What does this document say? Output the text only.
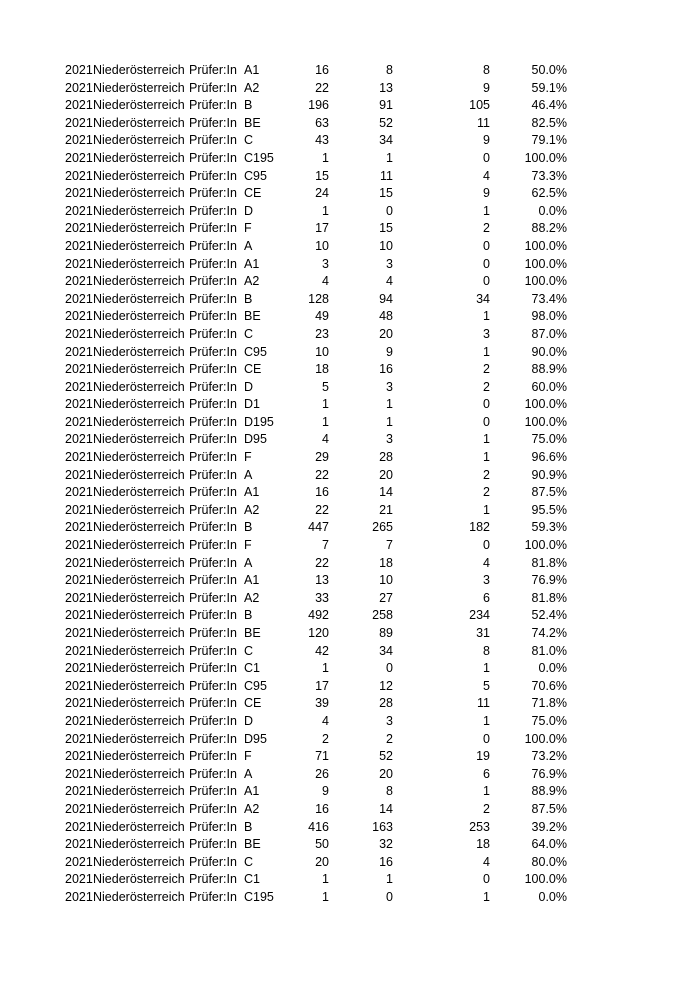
2021 Niederösterreich Prüfer:In A1	16	8	8	50.0%
2021 Niederösterreich Prüfer:In A2	22	13	9	59.1%
2021 Niederösterreich Prüfer:In B	196	91	105	46.4%
2021 Niederösterreich Prüfer:In BE	63	52	11	82.5%
2021 Niederösterreich Prüfer:In C	43	34	9	79.1%
2021 Niederösterreich Prüfer:In C195	1	1	0	100.0%
2021 Niederösterreich Prüfer:In C95	15	11	4	73.3%
2021 Niederösterreich Prüfer:In CE	24	15	9	62.5%
2021 Niederösterreich Prüfer:In D	1	0	1	0.0%
2021 Niederösterreich Prüfer:In F	17	15	2	88.2%
2021 Niederösterreich Prüfer:In A	10	10	0	100.0%
2021 Niederösterreich Prüfer:In A1	3	3	0	100.0%
2021 Niederösterreich Prüfer:In A2	4	4	0	100.0%
2021 Niederösterreich Prüfer:In B	128	94	34	73.4%
2021 Niederösterreich Prüfer:In BE	49	48	1	98.0%
2021 Niederösterreich Prüfer:In C	23	20	3	87.0%
2021 Niederösterreich Prüfer:In C95	10	9	1	90.0%
2021 Niederösterreich Prüfer:In CE	18	16	2	88.9%
2021 Niederösterreich Prüfer:In D	5	3	2	60.0%
2021 Niederösterreich Prüfer:In D1	1	1	0	100.0%
2021 Niederösterreich Prüfer:In D195	1	1	0	100.0%
2021 Niederösterreich Prüfer:In D95	4	3	1	75.0%
2021 Niederösterreich Prüfer:In F	29	28	1	96.6%
2021 Niederösterreich Prüfer:In A	22	20	2	90.9%
2021 Niederösterreich Prüfer:In A1	16	14	2	87.5%
2021 Niederösterreich Prüfer:In A2	22	21	1	95.5%
2021 Niederösterreich Prüfer:In B	447	265	182	59.3%
2021 Niederösterreich Prüfer:In F	7	7	0	100.0%
2021 Niederösterreich Prüfer:In A	22	18	4	81.8%
2021 Niederösterreich Prüfer:In A1	13	10	3	76.9%
2021 Niederösterreich Prüfer:In A2	33	27	6	81.8%
2021 Niederösterreich Prüfer:In B	492	258	234	52.4%
2021 Niederösterreich Prüfer:In BE	120	89	31	74.2%
2021 Niederösterreich Prüfer:In C	42	34	8	81.0%
2021 Niederösterreich Prüfer:In C1	1	0	1	0.0%
2021 Niederösterreich Prüfer:In C95	17	12	5	70.6%
2021 Niederösterreich Prüfer:In CE	39	28	11	71.8%
2021 Niederösterreich Prüfer:In D	4	3	1	75.0%
2021 Niederösterreich Prüfer:In D95	2	2	0	100.0%
2021 Niederösterreich Prüfer:In F	71	52	19	73.2%
2021 Niederösterreich Prüfer:In A	26	20	6	76.9%
2021 Niederösterreich Prüfer:In A1	9	8	1	88.9%
2021 Niederösterreich Prüfer:In A2	16	14	2	87.5%
2021 Niederösterreich Prüfer:In B	416	163	253	39.2%
2021 Niederösterreich Prüfer:In BE	50	32	18	64.0%
2021 Niederösterreich Prüfer:In C	20	16	4	80.0%
2021 Niederösterreich Prüfer:In C1	1	1	0	100.0%
2021 Niederösterreich Prüfer:In C195	1	0	1	0.0%
